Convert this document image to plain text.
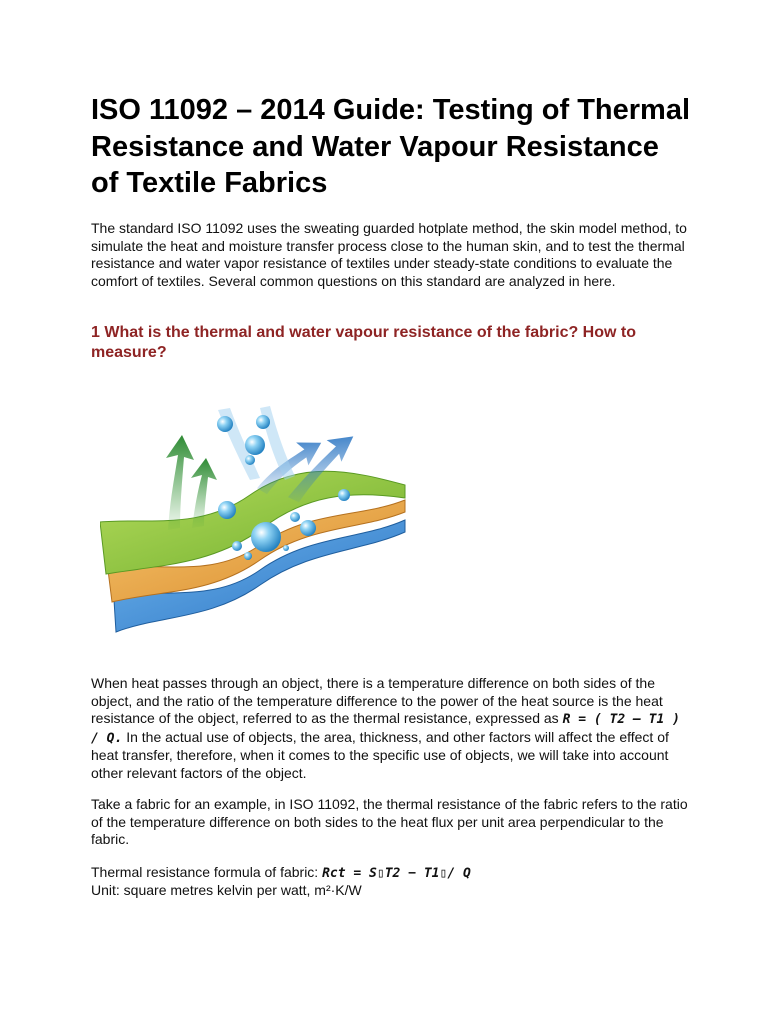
ISO 11092 – 2014 Guide: Testing of Thermal Resistance and Water Vapour Resistance of Textile Fabrics

The standard ISO 11092 uses the sweating guarded hotplate method, the skin model method, to simulate the heat and moisture transfer process close to the human skin, and to test the thermal resistance and water vapor resistance of textiles under steady-state conditions to evaluate the comfort of textiles. Several common questions on this standard are analyzed in here.

1 What is the thermal and water vapour resistance of the fabric? How to measure?

When heat passes through an object, there is a temperature difference on both sides of the object, and the ratio of the temperature difference to the power of the heat source is the heat resistance of the object, referred to as the thermal resistance, expressed as R = ( T2 – T1 ) / Q. In the actual use of objects, the area, thickness, and other factors will affect the effect of heat transfer, therefore, when it comes to the specific use of objects, we will take into account other relevant factors of the object.

Take a fabric for an example, in ISO 11092, the thermal resistance of the fabric refers to the ratio of the temperature difference on both sides to the heat flux per unit area perpendicular to the fabric.

Thermal resistance formula of fabric: Rct = S▯T2 − T1▯/ Q

Unit: square metres kelvin per watt, m²·K/W
